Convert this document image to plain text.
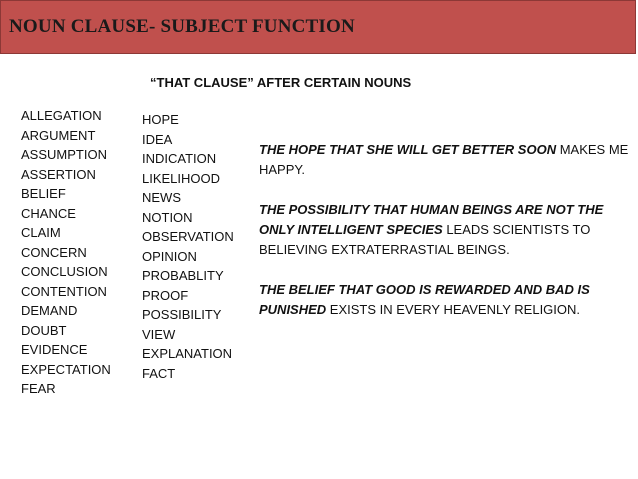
NOUN CLAUSE- SUBJECT FUNCTION
“THAT CLAUSE” AFTER CERTAIN NOUNS
ALLEGATION
ARGUMENT
ASSUMPTION
ASSERTION
BELIEF
CHANCE
CLAIM
CONCERN
CONCLUSION
CONTENTION
DEMAND
DOUBT
EVIDENCE
EXPECTATION
FEAR
HOPE
IDEA
INDICATION
LIKELIHOOD
NEWS
NOTION
OBSERVATION
OPINION
PROBABLITY
PROOF
POSSIBILITY
VIEW
EXPLANATION
FACT

THE HOPE THAT SHE WILL GET BETTER SOON MAKES ME HAPPY.

THE POSSIBILITY THAT HUMAN BEINGS ARE NOT THE ONLY INTELLIGENT SPECIES LEADS SCIENTISTS TO BELIEVING EXTRATERRASTIAL BEINGS.

THE BELIEF THAT GOOD IS REWARDED AND BAD IS PUNISHED EXISTS IN EVERY HEAVENLY RELIGION.
